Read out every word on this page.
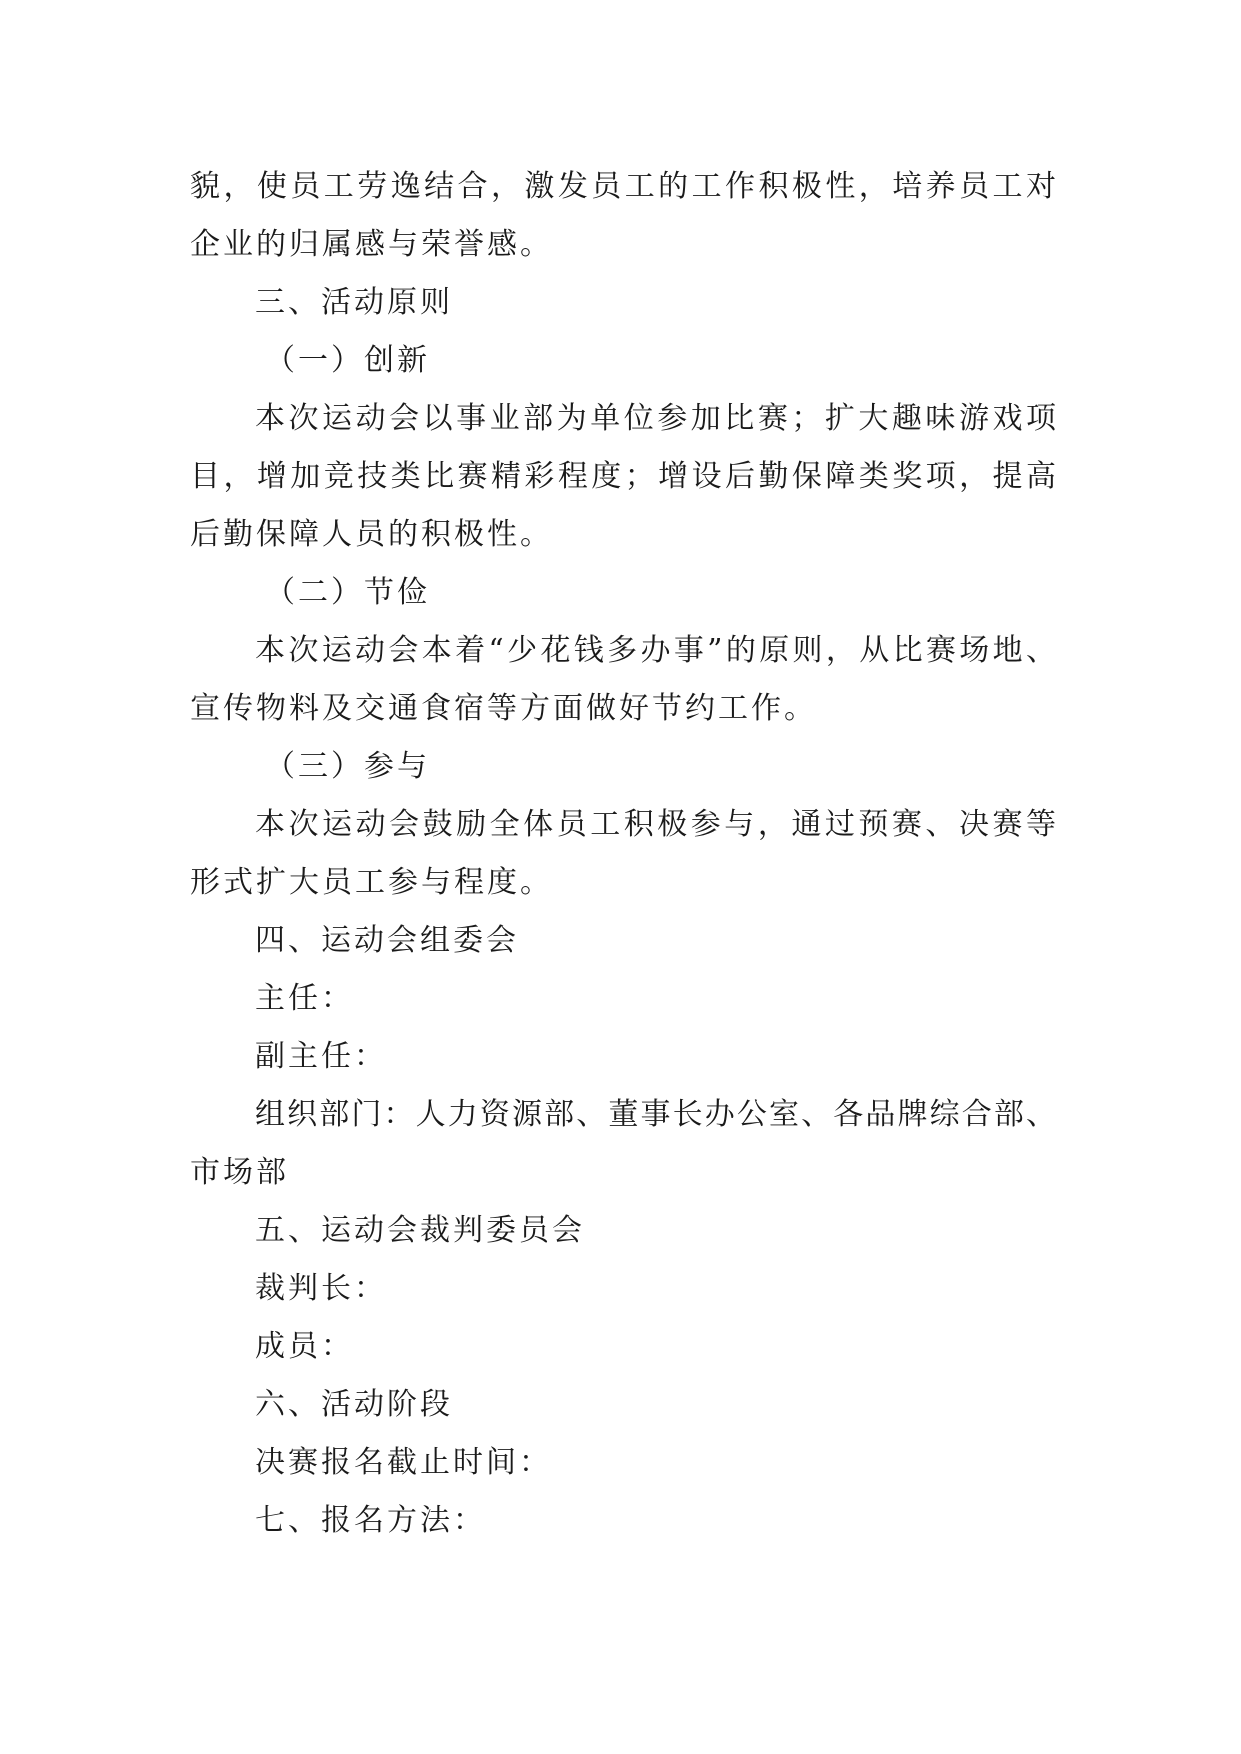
貌，使员工劳逸结合，激发员工的工作积极性，培养员工对
企业的归属感与荣誉感。
三、活动原则
（一）创新
本次运动会以事业部为单位参加比赛；扩大趣味游戏项
目，增加竞技类比赛精彩程度；增设后勤保障类奖项，提高
后勤保障人员的积极性。
（二）节俭
本次运动会本着“少花钱多办事”的原则，从比赛场地、
宣传物料及交通食宿等方面做好节约工作。
（三）参与
本次运动会鼓励全体员工积极参与，通过预赛、决赛等
形式扩大员工参与程度。
四、运动会组委会
主任：
副主任：
组织部门：人力资源部、董事长办公室、各品牌综合部、
市场部
五、运动会裁判委员会
裁判长：
成员：
六、活动阶段
决赛报名截止时间：
七、报名方法：
